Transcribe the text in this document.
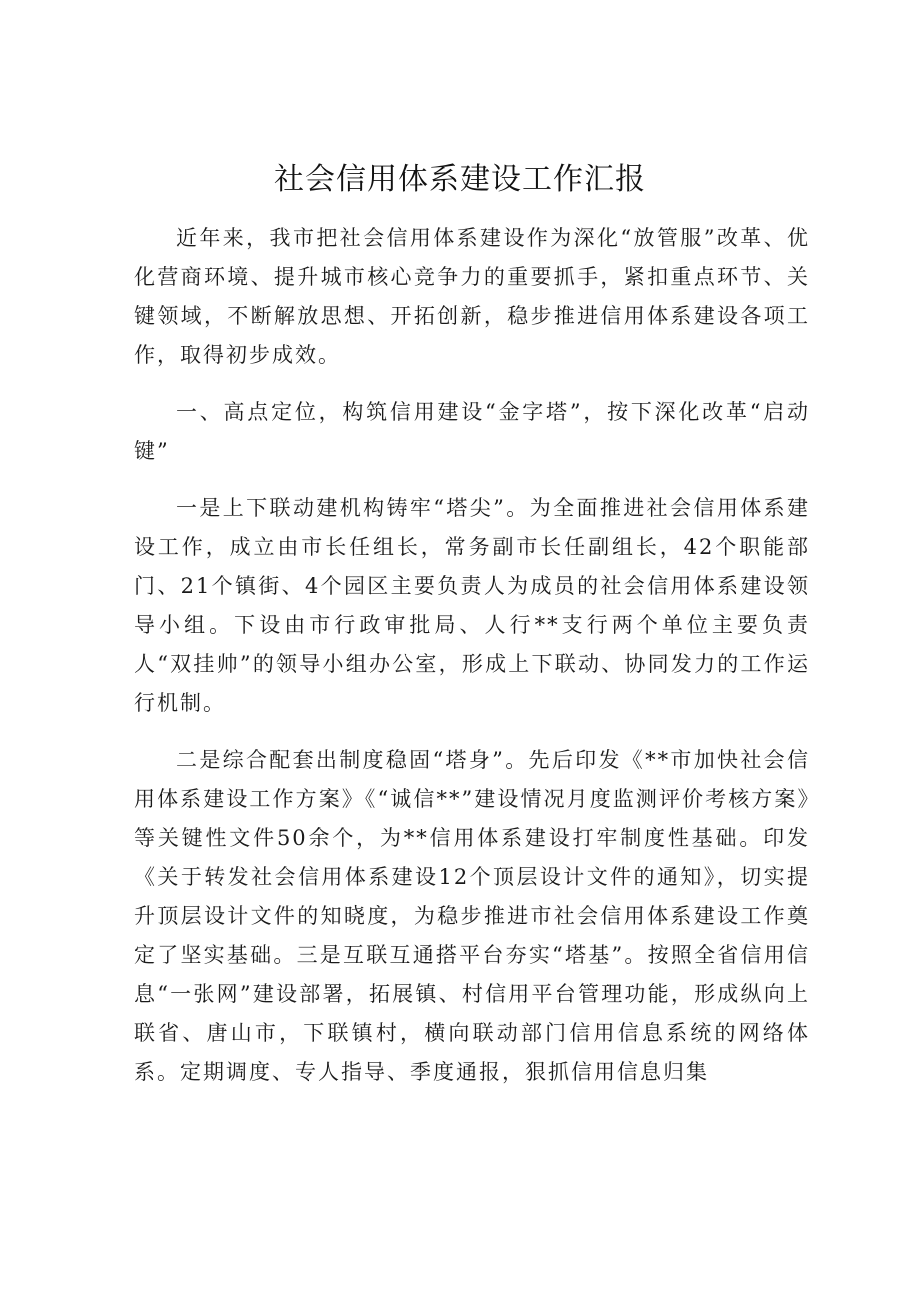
社会信用体系建设工作汇报

近年来，我市把社会信用体系建设作为深化“放管服”改革、优化营商环境、提升城市核心竞争力的重要抓手，紧扣重点环节、关键领域，不断解放思想、开拓创新，稳步推进信用体系建设各项工作，取得初步成效。

一、高点定位，构筑信用建设“金字塔”，按下深化改革“启动键”

一是上下联动建机构铸牢“塔尖”。为全面推进社会信用体系建设工作，成立由市长任组长，常务副市长任副组长，42个职能部门、21个镇街、4个园区主要负责人为成员的社会信用体系建设领导小组。下设由市行政审批局、人行**支行两个单位主要负责人“双挂帅”的领导小组办公室，形成上下联动、协同发力的工作运行机制。

二是综合配套出制度稳固“塔身”。先后印发《**市加快社会信用体系建设工作方案》《“诚信**”建设情况月度监测评价考核方案》等关键性文件50余个，为**信用体系建设打牢制度性基础。印发《关于转发社会信用体系建设12个顶层设计文件的通知》，切实提升顶层设计文件的知晓度，为稳步推进市社会信用体系建设工作奠定了坚实基础。三是互联互通搭平台夯实“塔基”。按照全省信用信息“一张网”建设部署，拓展镇、村信用平台管理功能，形成纵向上联省、唐山市，下联镇村，横向联动部门信用信息系统的网络体系。定期调度、专人指导、季度通报，狠抓信用信息归集
